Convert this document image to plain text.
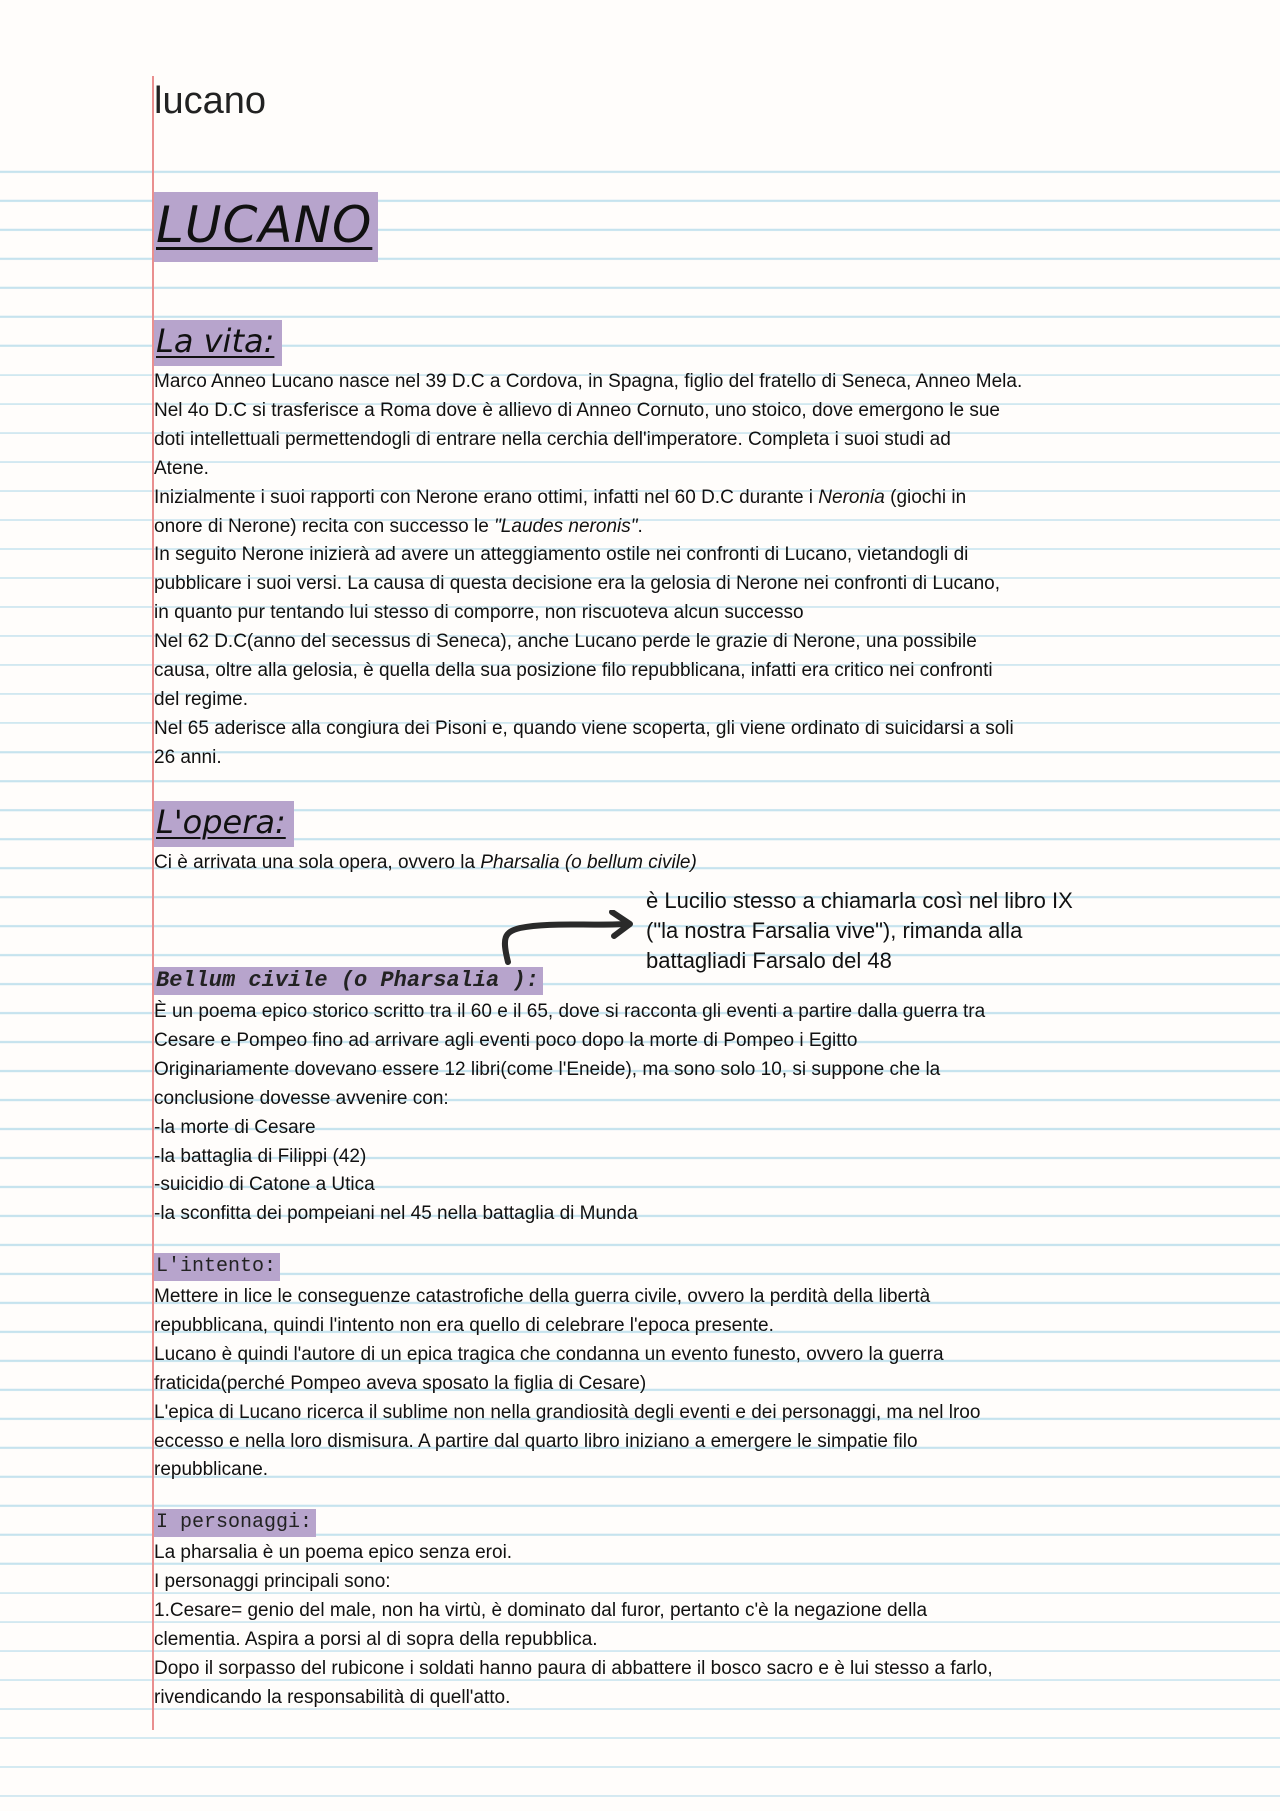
lucano
LUCANO
La vita:
Marco Anneo Lucano nasce nel 39 D.C a Cordova, in Spagna, figlio del fratello di Seneca, Anneo Mela.
Nel 4o D.C si trasferisce a Roma dove è allievo di Anneo Cornuto, uno stoico, dove emergono le sue
doti intellettuali permettendogli di entrare nella cerchia dell'imperatore. Completa i suoi studi ad
Atene.
Inizialmente i suoi rapporti con Nerone erano ottimi, infatti nel 60 D.C durante i Neronia (giochi in
onore di Nerone) recita con successo le "Laudes neronis".
In seguito Nerone inizierà ad avere un atteggiamento ostile nei confronti di Lucano, vietandogli di
pubblicare i suoi versi. La causa di questa decisione era la gelosia di Nerone nei confronti di Lucano,
in quanto pur tentando lui stesso di comporre, non riscuoteva alcun successo
Nel 62 D.C(anno del secessus di Seneca), anche Lucano perde le grazie di Nerone, una possibile
causa, oltre alla gelosia, è quella della sua posizione filo repubblicana, infatti era critico nei confronti
del regime.
Nel 65 aderisce alla congiura dei Pisoni e, quando viene scoperta, gli viene ordinato di suicidarsi a soli
26 anni.
L'opera:
Ci è arrivata una sola opera, ovvero la Pharsalia (o bellum civile)
è Lucilio stesso a chiamarla così nel libro IX
("la nostra Farsalia vive"), rimanda alla
battagliadi Farsalo del 48
Bellum civile (o Pharsalia ):
È un poema epico storico scritto tra il 60 e il 65, dove si racconta gli eventi a partire dalla guerra tra
Cesare e Pompeo fino ad arrivare agli eventi poco dopo la morte di Pompeo i Egitto
Originariamente dovevano essere 12 libri(come l'Eneide), ma sono solo 10, si suppone che la
conclusione dovesse avvenire con:
-la morte di Cesare
-la battaglia di Filippi (42)
-suicidio di Catone a Utica
-la sconfitta dei pompeiani nel 45 nella battaglia di Munda
L'intento:
Mettere in lice le conseguenze catastrofiche della guerra civile, ovvero la perdità della libertà
repubblicana, quindi l'intento non era quello di celebrare l'epoca presente.
Lucano è quindi l'autore di un epica tragica che condanna un evento funesto, ovvero la guerra
fraticida(perché Pompeo aveva sposato la figlia di Cesare)
L'epica di Lucano ricerca il sublime non nella grandiosità degli eventi e dei personaggi, ma nel lroo
eccesso e nella loro dismisura. A partire dal quarto libro iniziano a emergere le simpatie filo
repubblicane.
I personaggi:
La pharsalia è un poema epico senza eroi.
I personaggi principali sono:
1.Cesare= genio del male, non ha virtù, è dominato dal furor, pertanto c'è la negazione della
clementia. Aspira a porsi al di sopra della repubblica.
Dopo il sorpasso del rubicone i soldati hanno paura di abbattere il bosco sacro e è lui stesso a farlo,
rivendicando la responsabilità di quell'atto.
